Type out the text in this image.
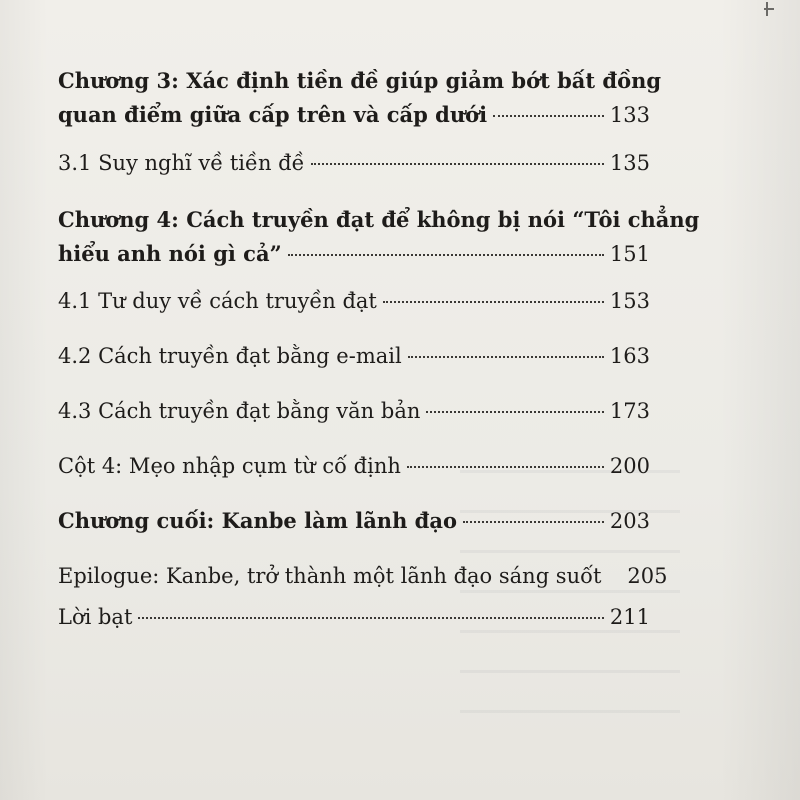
Chương 3: Xác định tiền đề giúp giảm bớt bất đồng
quan điểm giữa cấp trên và cấp dưới	133
3.1 Suy nghĩ về tiền đề	135
Chương 4: Cách truyền đạt để không bị nói “Tôi chẳng
hiểu anh nói gì cả”	151
4.1 Tư duy về cách truyền đạt	153
4.2 Cách truyền đạt bằng e-mail	163
4.3 Cách truyền đạt bằng văn bản	173
Cột 4: Mẹo nhập cụm từ cố định	200
Chương cuối: Kanbe làm lãnh đạo	203
Epilogue: Kanbe, trở thành một lãnh đạo sáng suốt 205
Lời bạt	211
